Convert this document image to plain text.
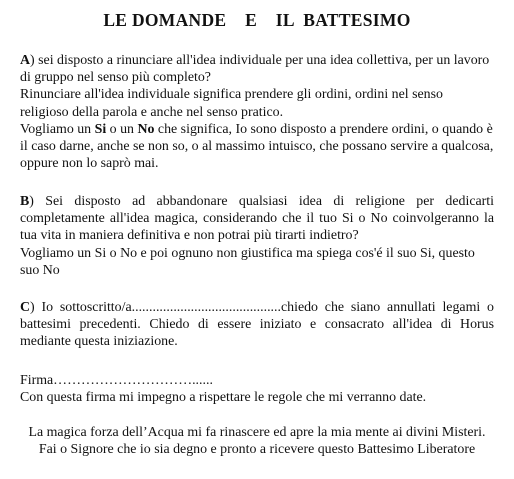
LE DOMANDE    E    IL  BATTESIMO
A) sei disposto a rinunciare all'idea individuale per una idea collettiva, per un lavoro di gruppo nel senso più completo?
Rinunciare all'idea individuale significa prendere gli ordini, ordini nel senso religioso della parola e anche nel senso pratico.
Vogliamo un Si o un No che significa, Io sono disposto a prendere ordini, o quando è il caso darne, anche se non so, o al massimo intuisco, che possano servire a qualcosa, oppure non lo saprò mai.
B) Sei disposto ad abbandonare qualsiasi idea di religione per dedicarti completamente all'idea magica, considerando che il tuo Si o No coinvolgeranno la tua vita in maniera definitiva e non potrai più tirarti indietro?
Vogliamo un Si o No e poi ognuno non giustifica ma spiega cos'é il suo Si, questo suo No
C) Io sottoscritto/a...........................................chiedo che siano annullati legami o battesimi precedenti. Chiedo di essere iniziato e consacrato all'idea di Horus mediante questa iniziazione.
Firma…………………………......
Con questa firma mi impegno a rispettare le regole che mi verranno date.
La magica forza dell’Acqua mi fa rinascere ed apre la mia mente ai divini Misteri.
Fai o Signore che io sia degno e pronto a ricevere questo Battesimo Liberatore
